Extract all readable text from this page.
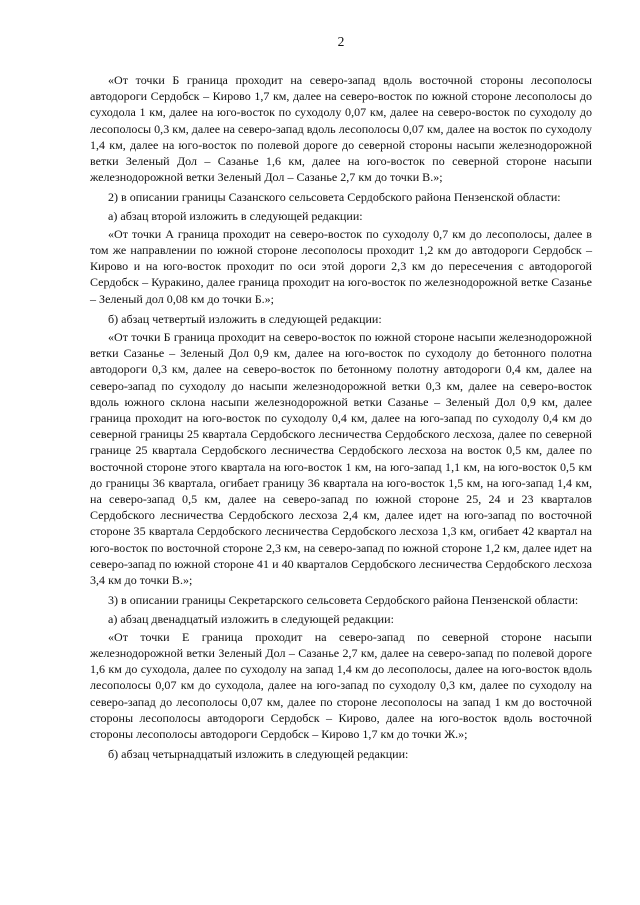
2

«От точки Б граница проходит на северо-запад вдоль восточной стороны лесополосы автодороги Сердобск – Кирово 1,7 км, далее на северо-восток по южной стороне лесополосы до суходола 1 км, далее на юго-восток по суходолу 0,07 км, далее на северо-восток по суходолу до лесополосы 0,3 км, далее на северо-запад вдоль лесополосы 0,07 км, далее на восток по суходолу 1,4 км, далее на юго-восток по полевой дороге до северной стороны насыпи железнодорожной ветки Зеленый Дол – Сазанье 1,6 км, далее на юго-восток по северной стороне насыпи железнодорожной ветки Зеленый Дол – Сазанье 2,7 км до точки В.»;

2) в описании границы Сазанского сельсовета Сердобского района Пензенской области:

а) абзац второй изложить в следующей редакции:

«От точки А граница проходит на северо-восток по суходолу 0,7 км до лесополосы, далее в том же направлении по южной стороне лесополосы проходит 1,2 км до автодороги Сердобск – Кирово и на юго-восток проходит по оси этой дороги 2,3 км до пересечения с автодорогой Сердобск – Куракино, далее граница проходит на юго-восток по железнодорожной ветке Сазанье – Зеленый дол 0,08 км до точки Б.»;

б) абзац четвертый изложить в следующей редакции:

«От точки Б граница проходит на северо-восток по южной стороне насыпи железнодорожной ветки Сазанье – Зеленый Дол 0,9 км, далее на юго-восток по суходолу до бетонного полотна автодороги 0,3 км, далее на северо-восток по бетонному полотну автодороги 0,4 км, далее на северо-запад по суходолу до насыпи железнодорожной ветки 0,3 км, далее на северо-восток вдоль южного склона насыпи железнодорожной ветки Сазанье – Зеленый Дол 0,9 км, далее граница проходит на юго-восток по суходолу 0,4 км, далее на юго-запад по суходолу 0,4 км до северной границы 25 квартала Сердобского лесничества Сердобского лесхоза, далее по северной границе 25 квартала Сердобского лесничества Сердобского лесхоза на восток 0,5 км, далее по восточной стороне этого квартала на юго-восток 1 км, на юго-запад 1,1 км, на юго-восток 0,5 км до границы 36 квартала, огибает границу 36 квартала на юго-восток 1,5 км, на юго-запад 1,4 км, на северо-запад 0,5 км, далее на северо-запад по южной стороне 25, 24 и 23 кварталов Сердобского лесничества Сердобского лесхоза 2,4 км, далее идет на юго-запад по восточной стороне 35 квартала Сердобского лесничества Сердобского лесхоза 1,3 км, огибает 42 квартал на юго-восток по восточной стороне 2,3 км, на северо-запад по южной стороне 1,2 км, далее идет на северо-запад по южной стороне 41 и 40 кварталов Сердобского лесничества Сердобского лесхоза 3,4 км до точки В.»;

3) в описании границы Секретарского сельсовета Сердобского района Пензенской области:

а) абзац двенадцатый изложить в следующей редакции:

«От точки Е граница проходит на северо-запад по северной стороне насыпи железнодорожной ветки Зеленый Дол – Сазанье 2,7 км, далее на северо-запад по полевой дороге 1,6 км до суходола, далее по суходолу на запад 1,4 км до лесополосы, далее на юго-восток вдоль лесополосы 0,07 км до суходола, далее на юго-запад по суходолу 0,3 км, далее по суходолу на северо-запад до лесополосы 0,07 км, далее по стороне лесополосы на запад 1 км до восточной стороны лесополосы автодороги Сердобск – Кирово, далее на юго-восток вдоль восточной стороны лесополосы автодороги Сердобск – Кирово 1,7 км до точки Ж.»;

б) абзац четырнадцатый изложить в следующей редакции:
